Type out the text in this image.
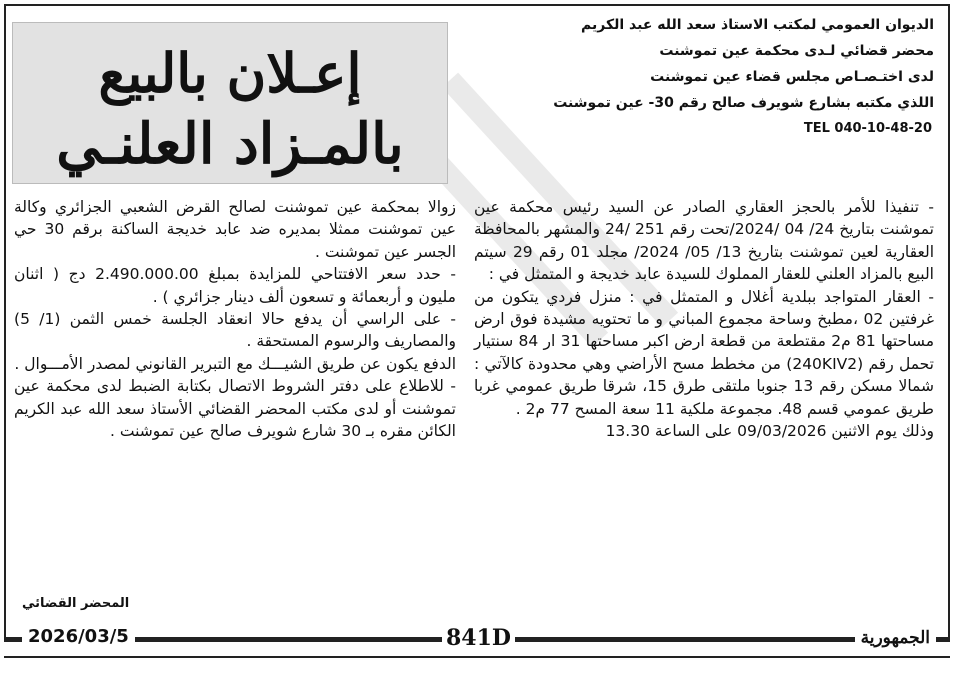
الديوان العمومي لمكتب الاستاذ سعد الله عبد الكريم
محضر قضائي لـدى محكمة عين تموشنت
لدى اختـصـاص مجلس قضاء عين تموشنت
اللذي مكتبه بشارع شويرف صالح رقم 30- عين تموشنت
TEL 040-10-48-20
إعـلان بالبيع
بالمـزاد العلنـي

- تنفيذا للأمر بالحجز العقاري الصادر عن السيد رئيس محكمة عين تموشنت بتاريخ 24/ 04 /2024/تحت رقم 251 /24 والمشهر بالمحافظة العقارية لعين تموشنت بتاريخ 13/ 05/ 2024/ مجلد 01 رقم 29 سيتم البيع بالمزاد العلني للعقار المملوك للسيدة عابد خديجة و المتمثل في :

- العقار المتواجد ببلدية أغلال و المتمثل في : منزل فردي يتكون من غرفتين 02 ،مطبخ وساحة مجموع المباني و ما تحتويه مشيدة فوق ارض مساحتها 81 م2 مقتطعة من قطعة ارض اكبر مساحتها 31 ار 84 سنتيار تحمل رقم (240KIV2) من مخطط مسح الأراضي وهي محدودة كالآتي : شمالا مسكن رقم 13 جنوبا ملتقى طرق 15، شرقا طريق عمومي غربا طريق عمومي قسم 48. مجموعة ملكية 11 سعة المسح 77 م2 .

وذلك يوم الاثنين 09/03/2026 على الساعة 13.30

زوالا بمحكمة عين تموشنت لصالح القرض الشعبي الجزائري وكالة عين تموشنت ممثلا بمديره ضد عابد خديجة الساكنة برقم 30 حي الجسر عين تموشنت .

- حدد سعر الافتتاحي للمزايدة بمبلغ 2.490.000.00 دج ( اثنان مليون و أربعمائة و تسعون ألف دينار جزائري ) .

- على الراسي أن يدفع حالا انعقاد الجلسة خمس الثمن (1/ 5) والمصاريف والرسوم المستحقة .

الدفع يكون عن طريق الشيـــك مع التبرير القانوني لمصدر الأمـــوال .

- للاطلاع على دفتر الشروط الاتصال بكتابة الضبط لدى محكمة عين تموشنت أو لدى مكتب المحضر القضائي الأستاذ سعد الله عبد الكريم الكائن مقره بـ 30 شارع شويرف صالح عين تموشنت .

المحضر القضائي
2026/03/5	841D	الجمهورية
